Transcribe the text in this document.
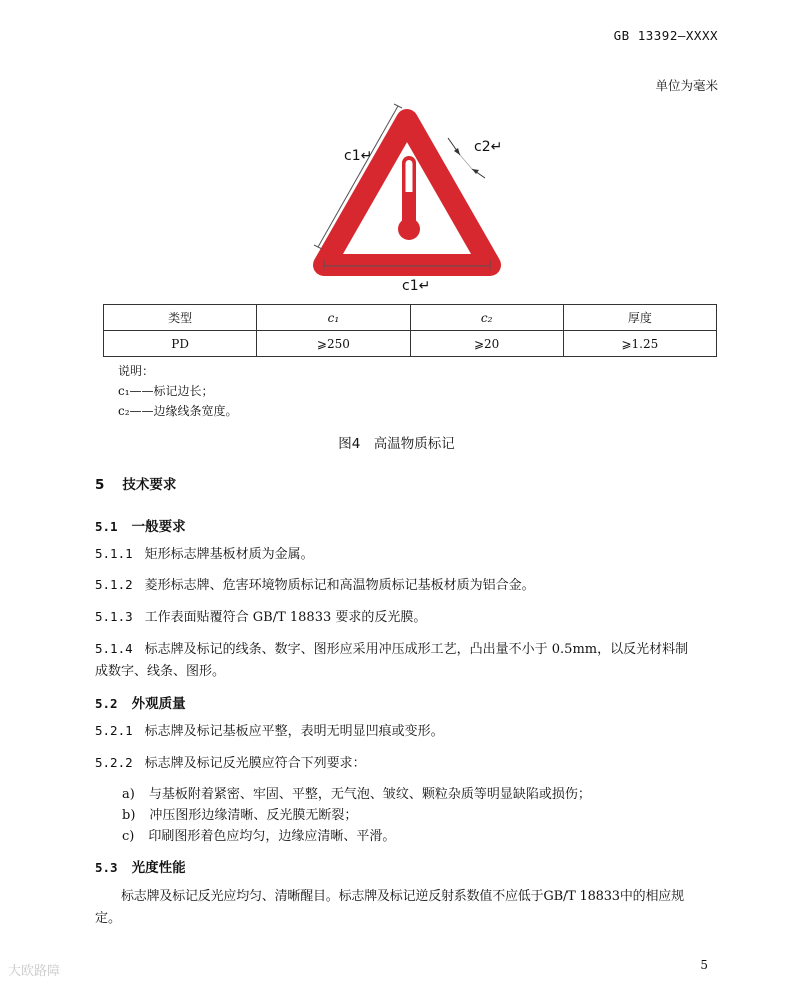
GB 13392—XXXX
单位为毫米
c1↵
c2↵
c1↵
类型	c₁	c₂	厚度
PD	⩾250	⩾20	⩾1.25
说明：
c₁——标记边长；
c₂——边缘线条宽度。
图4　高温物质标记
5 技术要求
5.1 一般要求
5.1.1 矩形标志牌基板材质为金属。
5.1.2 菱形标志牌、危害环境物质标记和高温物质标记基板材质为铝合金。
5.1.3 工作表面贴覆符合 GB/T 18833 要求的反光膜。
5.1.4 标志牌及标记的线条、数字、图形应采用冲压成形工艺，凸出量不小于 0.5mm，以反光材料制
成数字、线条、图形。
5.2 外观质量
5.2.1 标志牌及标记基板应平整，表明无明显凹痕或变形。
5.2.2 标志牌及标记反光膜应符合下列要求：
a) 与基板附着紧密、牢固、平整，无气泡、皱纹、颗粒杂质等明显缺陷或损伤；
b) 冲压图形边缘清晰、反光膜无断裂；
c) 印刷图形着色应均匀，边缘应清晰、平滑。
5.3 光度性能
标志牌及标记反光应均匀、清晰醒目。标志牌及标记逆反射系数值不应低于GB/T 18833中的相应规
定。
5
大欧路障
